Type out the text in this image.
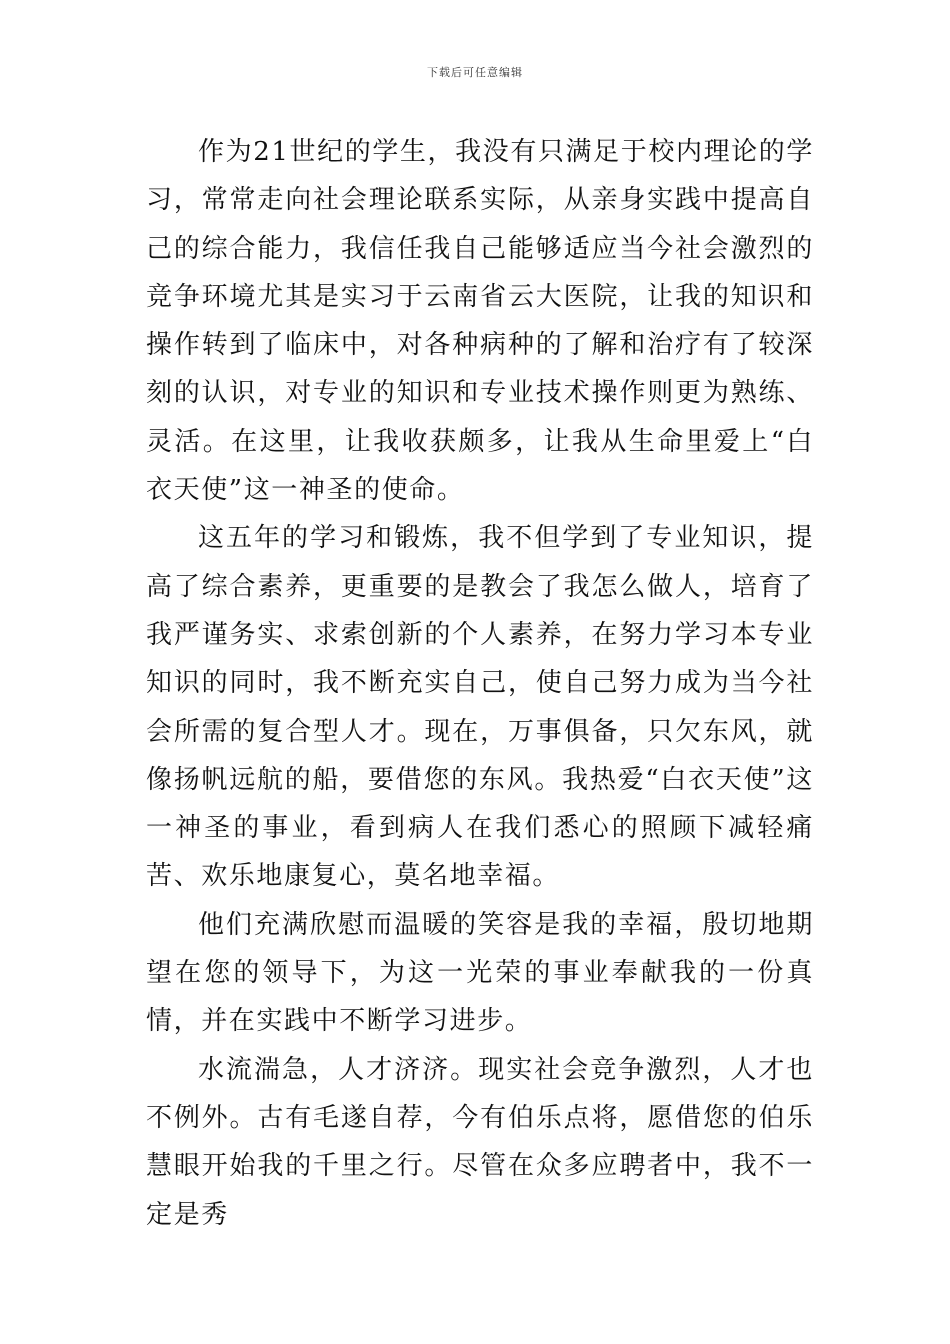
下载后可任意编辑

作为21世纪的学生，我没有只满足于校内理论的学习，常常走向社会理论联系实际，从亲身实践中提高自己的综合能力，我信任我自己能够适应当今社会激烈的竞争环境尤其是实习于云南省云大医院，让我的知识和操作转到了临床中，对各种病种的了解和治疗有了较深刻的认识，对专业的知识和专业技术操作则更为熟练、灵活。在这里，让我收获颇多，让我从生命里爱上“白衣天使”这一神圣的使命。

这五年的学习和锻炼，我不但学到了专业知识，提高了综合素养，更重要的是教会了我怎么做人，培育了我严谨务实、求索创新的个人素养，在努力学习本专业知识的同时，我不断充实自己，使自己努力成为当今社会所需的复合型人才。现在，万事俱备，只欠东风，就像扬帆远航的船，要借您的东风。我热爱“白衣天使”这一神圣的事业，看到病人在我们悉心的照顾下减轻痛苦、欢乐地康复心，莫名地幸福。

他们充满欣慰而温暖的笑容是我的幸福，殷切地期望在您的领导下，为这一光荣的事业奉献我的一份真情，并在实践中不断学习进步。

水流湍急，人才济济。现实社会竞争激烈，人才也不例外。古有毛遂自荐，今有伯乐点将，愿借您的伯乐慧眼开始我的千里之行。尽管在众多应聘者中，我不一定是秀
